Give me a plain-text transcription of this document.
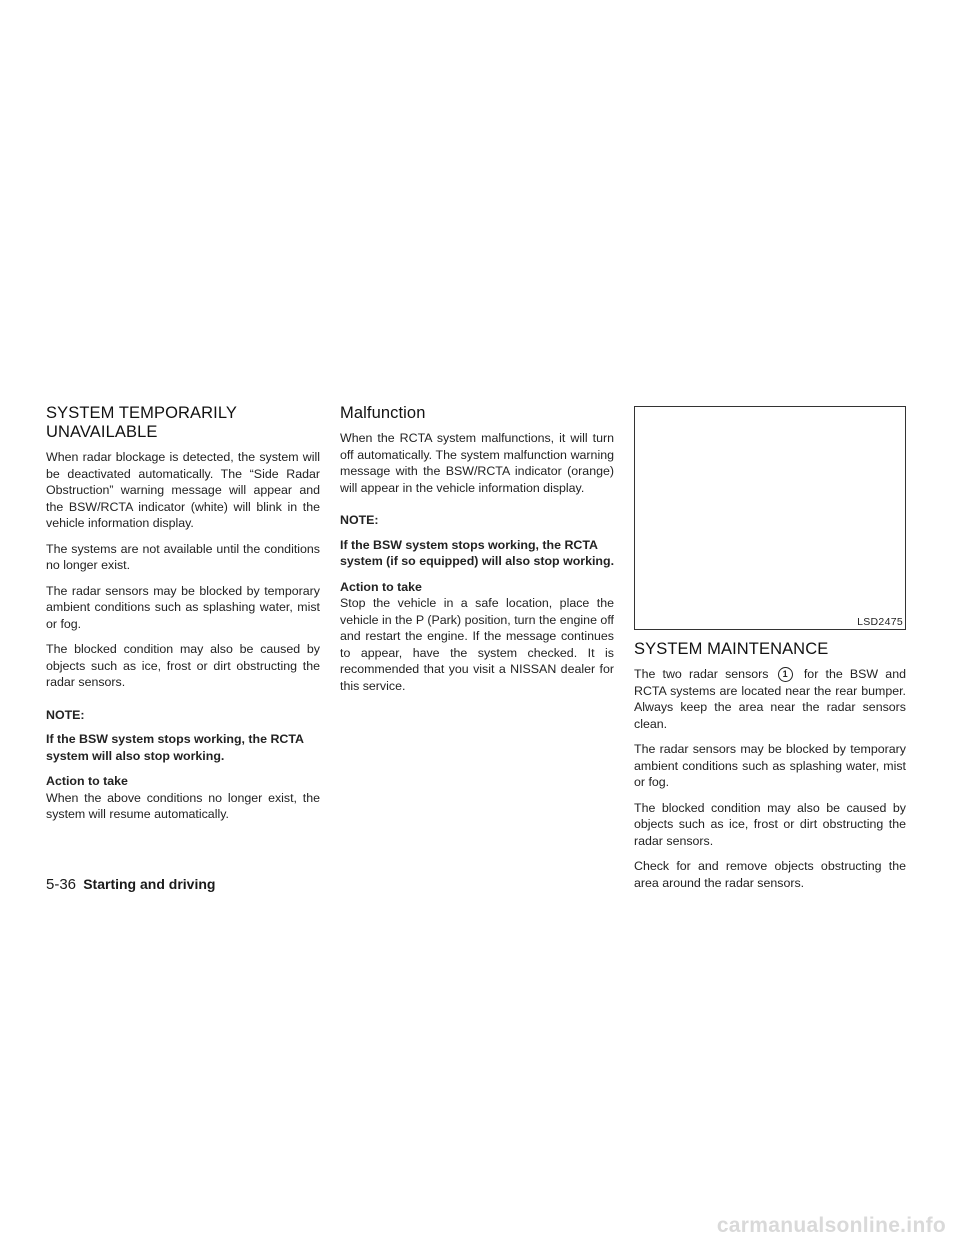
SYSTEM TEMPORARILY
UNAVAILABLE

When radar blockage is detected, the system will be deactivated automatically. The “Side Radar Obstruction” warning message will appear and the BSW/RCTA indicator (white) will blink in the vehicle information display.

The systems are not available until the conditions no longer exist.

The radar sensors may be blocked by temporary ambient conditions such as splashing water, mist or fog.

The blocked condition may also be caused by objects such as ice, frost or dirt obstructing the radar sensors.

NOTE:

If the BSW system stops working, the RCTA system will also stop working.

Action to take
When the above conditions no longer exist, the system will resume automatically.

Malfunction

When the RCTA system malfunctions, it will turn off automatically. The system malfunction warning message with the BSW/RCTA indicator (orange) will appear in the vehicle information display.

NOTE:

If the BSW system stops working, the RCTA system (if so equipped) will also stop working.

Action to take
Stop the vehicle in a safe location, place the vehicle in the P (Park) position, turn the engine off and restart the engine. If the message continues to appear, have the system checked. It is recommended that you visit a NISSAN dealer for this service.

LSD2475
SYSTEM MAINTENANCE

The two radar sensors 1 for the BSW and RCTA systems are located near the rear bumper. Always keep the area near the radar sensors clean.

The radar sensors may be blocked by temporary ambient conditions such as splashing water, mist or fog.

The blocked condition may also be caused by objects such as ice, frost or dirt obstructing the radar sensors.

Check for and remove objects obstructing the area around the radar sensors.

5-36 Starting and driving
carmanualsonline.info
